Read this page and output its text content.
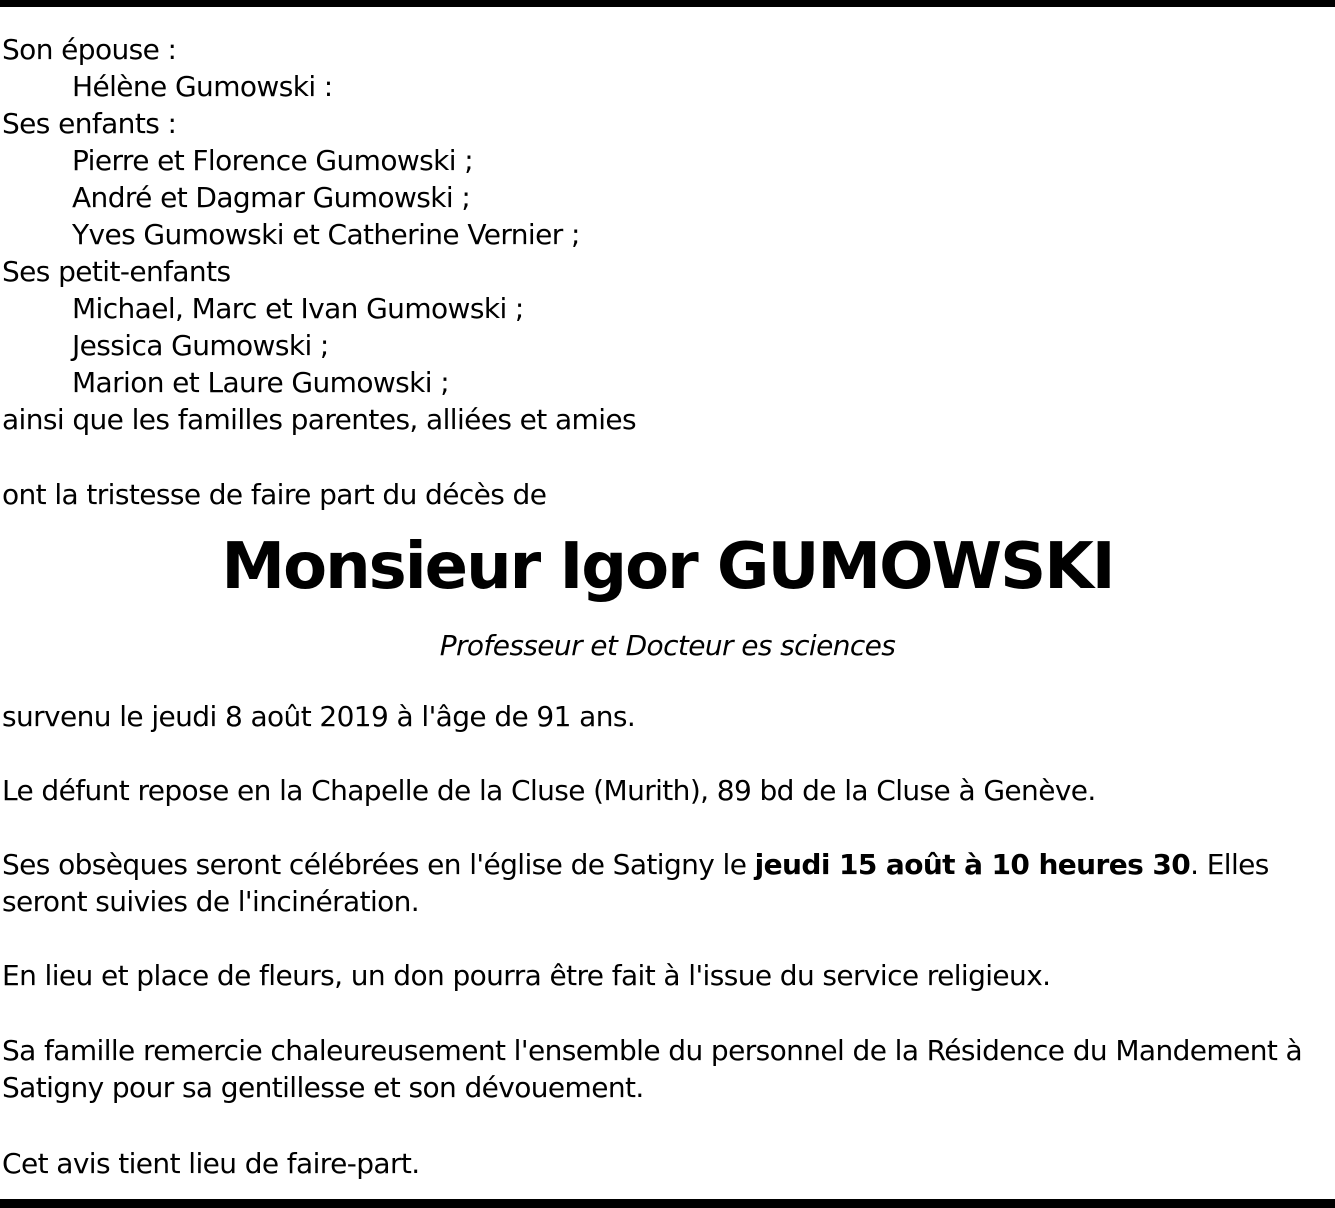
Son épouse :
Hélène Gumowski :
Ses enfants :
Pierre et Florence Gumowski ;
André et Dagmar Gumowski ;
Yves Gumowski et Catherine Vernier ;
Ses petit-enfants
Michael, Marc et Ivan Gumowski ;
Jessica Gumowski ;
Marion et Laure Gumowski ;
ainsi que les familles parentes, alliées et amies
ont la tristesse de faire part du décès de
Monsieur Igor GUMOWSKI
Professeur et Docteur es sciences
survenu le jeudi 8 août 2019 à l'âge de 91 ans.
Le défunt repose en la Chapelle de la Cluse (Murith), 89 bd de la Cluse à Genève.
Ses obsèques seront célébrées en l'église de Satigny le jeudi 15 août à 10 heures 30. Elles seront suivies de l'incinération.
En lieu et place de fleurs, un don pourra être fait à l'issue du service religieux.
Sa famille remercie chaleureusement l'ensemble du personnel de la Résidence du Mandement à Satigny pour sa gentillesse et son dévouement.
Cet avis tient lieu de faire-part.
